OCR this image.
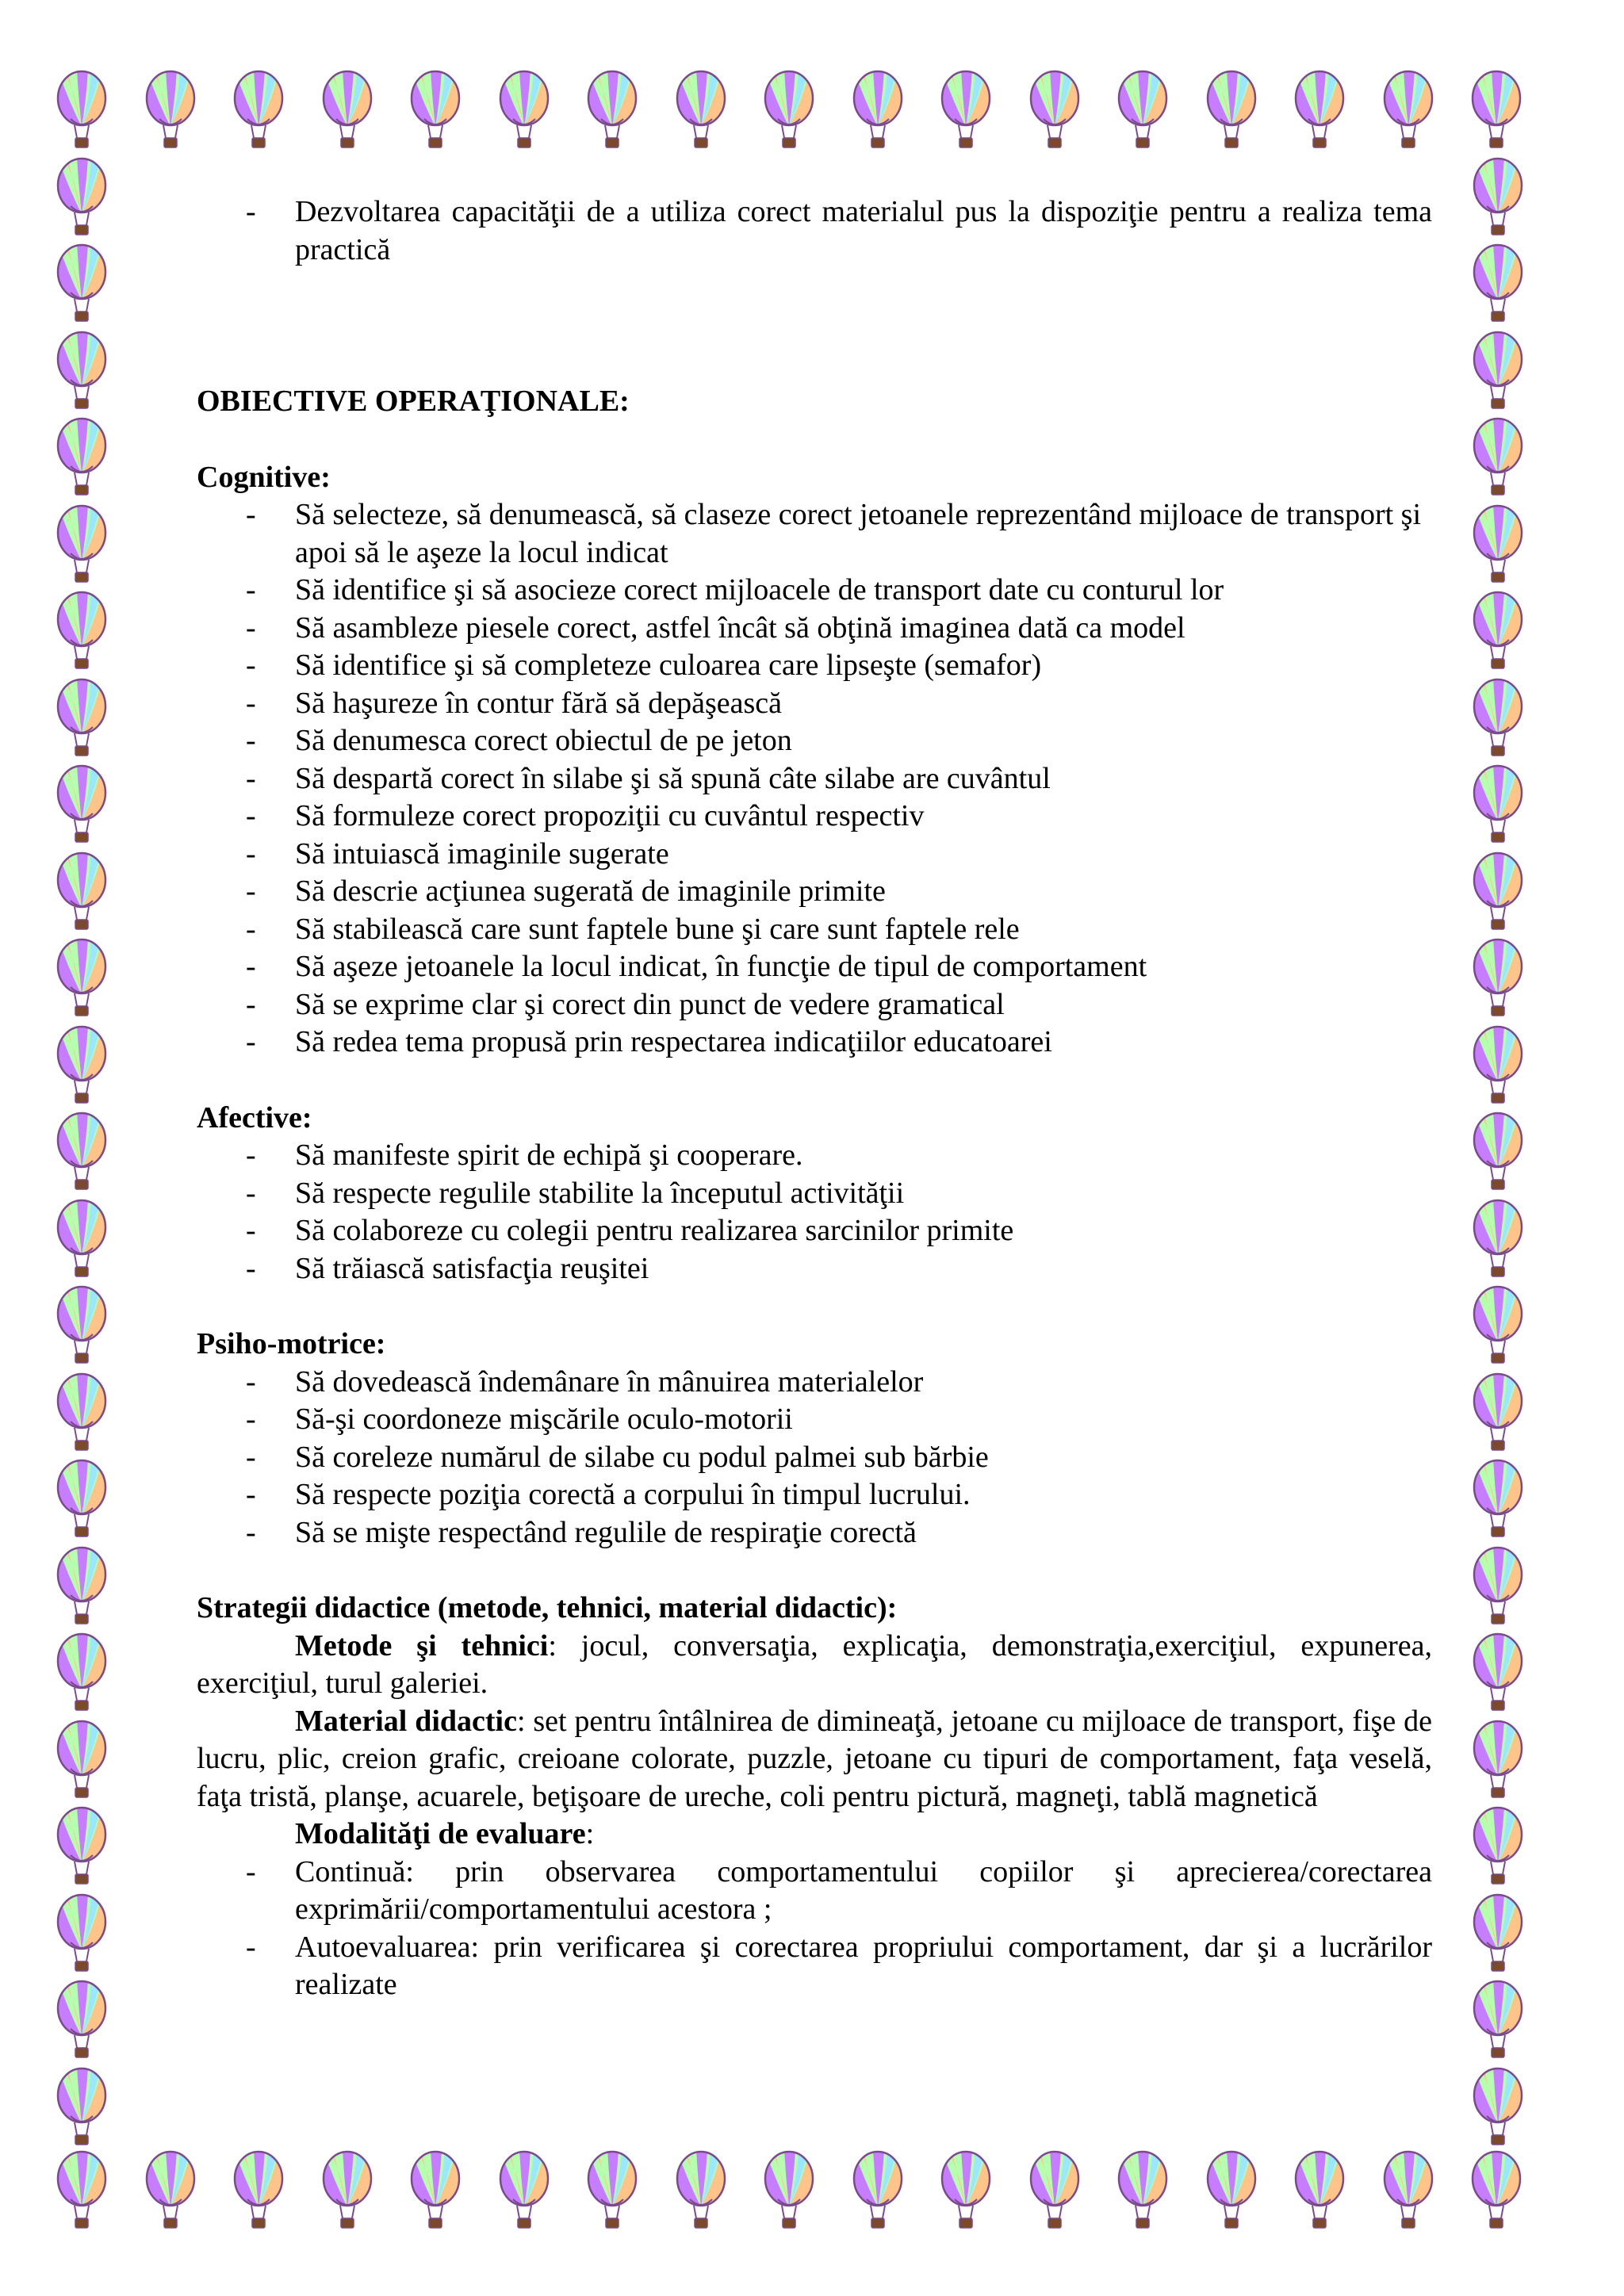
- Dezvoltarea capacităţii de a utiliza corect materialul pus la dispoziţie pentru a realiza tema practică
OBIECTIVE OPERAŢIONALE:
Cognitive:
- Să selecteze, să denumească, să claseze corect jetoanele reprezentând mijloace de transport şi apoi să le aşeze la locul indicat
- Să identifice şi să asocieze corect mijloacele de transport date cu conturul lor
- Să asambleze piesele corect, astfel încât să obţină imaginea dată ca model
- Să identifice şi să completeze culoarea care lipseşte (semafor)
- Să haşureze în contur fără să depăşească
- Să denumesca corect obiectul de pe jeton
- Să despartă corect în silabe şi să spună câte silabe are cuvântul
- Să formuleze corect propoziţii cu cuvântul respectiv
- Să intuiască imaginile sugerate
- Să descrie acţiunea sugerată de imaginile primite
- Să stabilească care sunt faptele bune şi care sunt faptele rele
- Să aşeze jetoanele la locul indicat, în funcţie de tipul de comportament
- Să se exprime clar şi corect din punct de vedere gramatical
- Să redea tema propusă prin respectarea indicaţiilor educatoarei
Afective:
- Să manifeste spirit de echipă şi cooperare.
- Să respecte regulile stabilite la începutul activităţii
- Să colaboreze cu colegii pentru realizarea sarcinilor primite
- Să trăiască satisfacţia reuşitei
Psiho-motrice:
- Să dovedească îndemânare în mânuirea materialelor
- Să-şi coordoneze mişcările oculo-motorii
- Să coreleze numărul de silabe cu podul palmei sub bărbie
- Să respecte poziţia corectă a corpului în timpul lucrului.
- Să se mişte respectând regulile de respiraţie corectă
Strategii didactice (metode, tehnici, material didactic):
Metode şi tehnici: jocul, conversaţia, explicaţia, demonstraţia,exerciţiul, expunerea, exerciţiul, turul galeriei.
Material didactic: set pentru întâlnirea de dimineaţă, jetoane cu mijloace de transport, fişe de lucru, plic, creion grafic, creioane colorate, puzzle, jetoane cu tipuri de comportament, faţa veselă, faţa tristă, planşe, acuarele, beţişoare de ureche, coli pentru pictură, magneţi, tablă magnetică
Modalităţi de evaluare:
- Continuă: prin observarea comportamentului copiilor şi aprecierea/corectarea exprimării/comportamentului acestora ;
- Autoevaluarea: prin verificarea şi corectarea propriului comportament, dar şi a lucrărilor realizate
